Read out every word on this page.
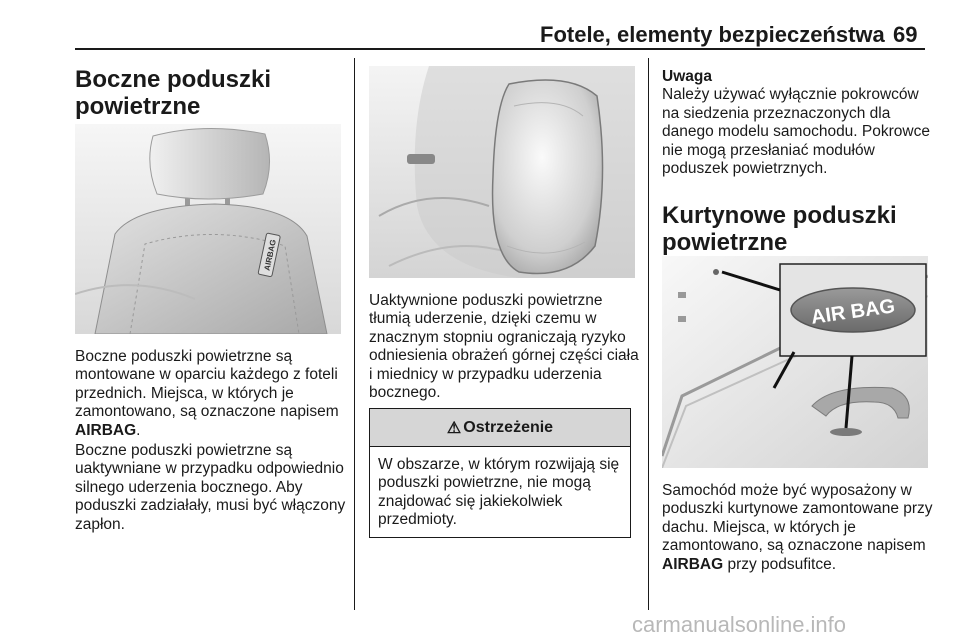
Fotele, elementy bezpieczeństwa 69
Boczne poduszki powietrzne
AIRBAG
Boczne poduszki powietrzne są montowane w oparciu każdego z foteli przednich. Miejsca, w których je zamontowano, są oznaczone napisem AIRBAG.
Boczne poduszki powietrzne są uaktywniane w przypadku odpowiednio silnego uderzenia bocznego. Aby poduszki zadziałały, musi być włączony zapłon.
Uaktywnione poduszki powietrzne tłumią uderzenie, dzięki czemu w znacznym stopniu ograniczają ryzyko odniesienia obrażeń górnej części ciała i miednicy w przypadku uderzenia bocznego.
⚠ Ostrzeżenie
W obszarze, w którym rozwijają się poduszki powietrzne, nie mogą znajdować się jakiekolwiek przedmioty.
Uwaga
Należy używać wyłącznie pokrowców na siedzenia przeznaczonych dla danego modelu samochodu. Pokrowce nie mogą przesłaniać modułów poduszek powietrznych.
Kurtynowe poduszki powietrzne
AIR BAG
Samochód może być wyposażony w poduszki kurtynowe zamontowane przy dachu. Miejsca, w których je zamontowano, są oznaczone napisem AIRBAG przy podsufitce.
carmanualsonline.info
